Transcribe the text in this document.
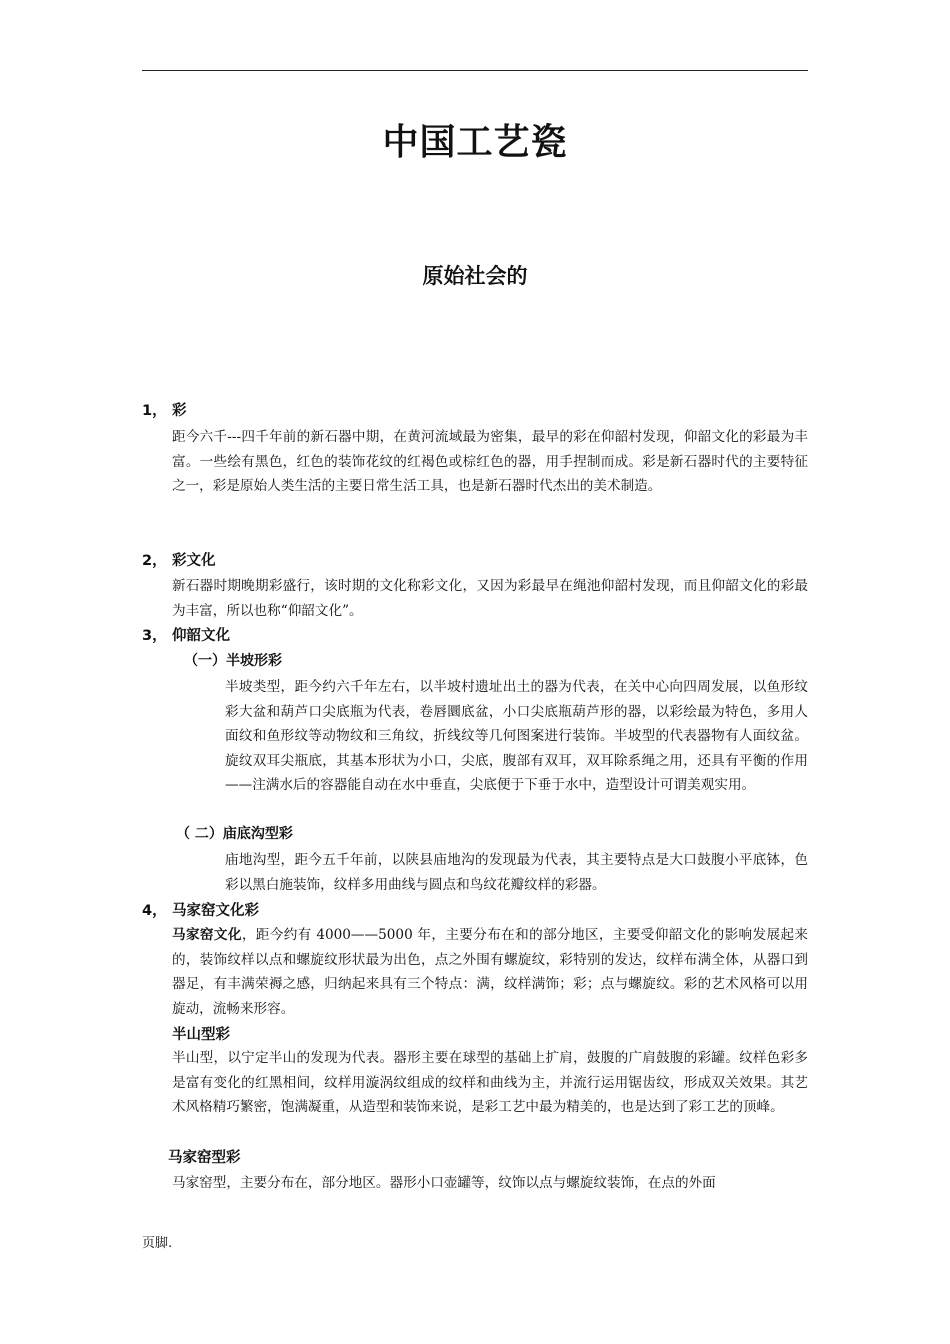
中国工艺瓷
原始社会的
1， 彩

距今六千---四千年前的新石器中期，在黄河流域最为密集，最早的彩在仰韶村发现，仰韶文化的彩最为丰富。一些绘有黑色，红色的装饰花纹的红褐色或棕红色的器，用手捏制而成。彩是新石器时代的主要特征之一，彩是原始人类生活的主要日常生活工具，也是新石器时代杰出的美术制造。

2， 彩文化

新石器时期晚期彩盛行，该时期的文化称彩文化，又因为彩最早在绳池仰韶村发现，而且仰韶文化的彩最为丰富，所以也称“仰韶文化”。

3， 仰韶文化
（一）半坡形彩

半坡类型，距今约六千年左右，以半坡村遗址出土的器为代表，在关中心向四周发展，以鱼形纹彩大盆和葫芦口尖底瓶为代表，卷唇圜底盆，小口尖底瓶葫芦形的器，以彩绘最为特色，多用人面纹和鱼形纹等动物纹和三角纹，折线纹等几何图案进行装饰。半坡型的代表器物有人面纹盆。旋纹双耳尖瓶底，其基本形状为小口，尖底，腹部有双耳，双耳除系绳之用，还具有平衡的作用——注满水后的容器能自动在水中垂直，尖底便于下垂于水中，造型设计可谓美观实用。

（ 二）庙底沟型彩

庙地沟型，距今五千年前，以陕县庙地沟的发现最为代表，其主要特点是大口鼓腹小平底钵，色彩以黑白施装饰，纹样多用曲线与圆点和鸟纹花瓣纹样的彩器。

4， 马家窑文化彩

马家窑文化，距今约有 4000——5000 年，主要分布在和的部分地区，主要受仰韶文化的影响发展起来的，装饰纹样以点和螺旋纹形状最为出色，点之外围有螺旋纹，彩特别的发达，纹样布满全体，从器口到器足，有丰满荣褥之感，归纳起来具有三个特点：满，纹样满饰；彩；点与螺旋纹。彩的艺术风格可以用旋动，流畅来形容。

半山型彩

半山型，以宁定半山的发现为代表。器形主要在球型的基础上扩肩，鼓腹的广肩鼓腹的彩罐。纹样色彩多是富有变化的红黑相间，纹样用漩涡纹组成的纹样和曲线为主，并流行运用锯齿纹，形成双关效果。其艺术风格精巧繁密，饱满凝重，从造型和装饰来说，是彩工艺中最为精美的，也是达到了彩工艺的顶峰。

马家窑型彩

马家窑型，主要分布在，部分地区。器形小口壶罐等，纹饰以点与螺旋纹装饰，在点的外面

页脚.
